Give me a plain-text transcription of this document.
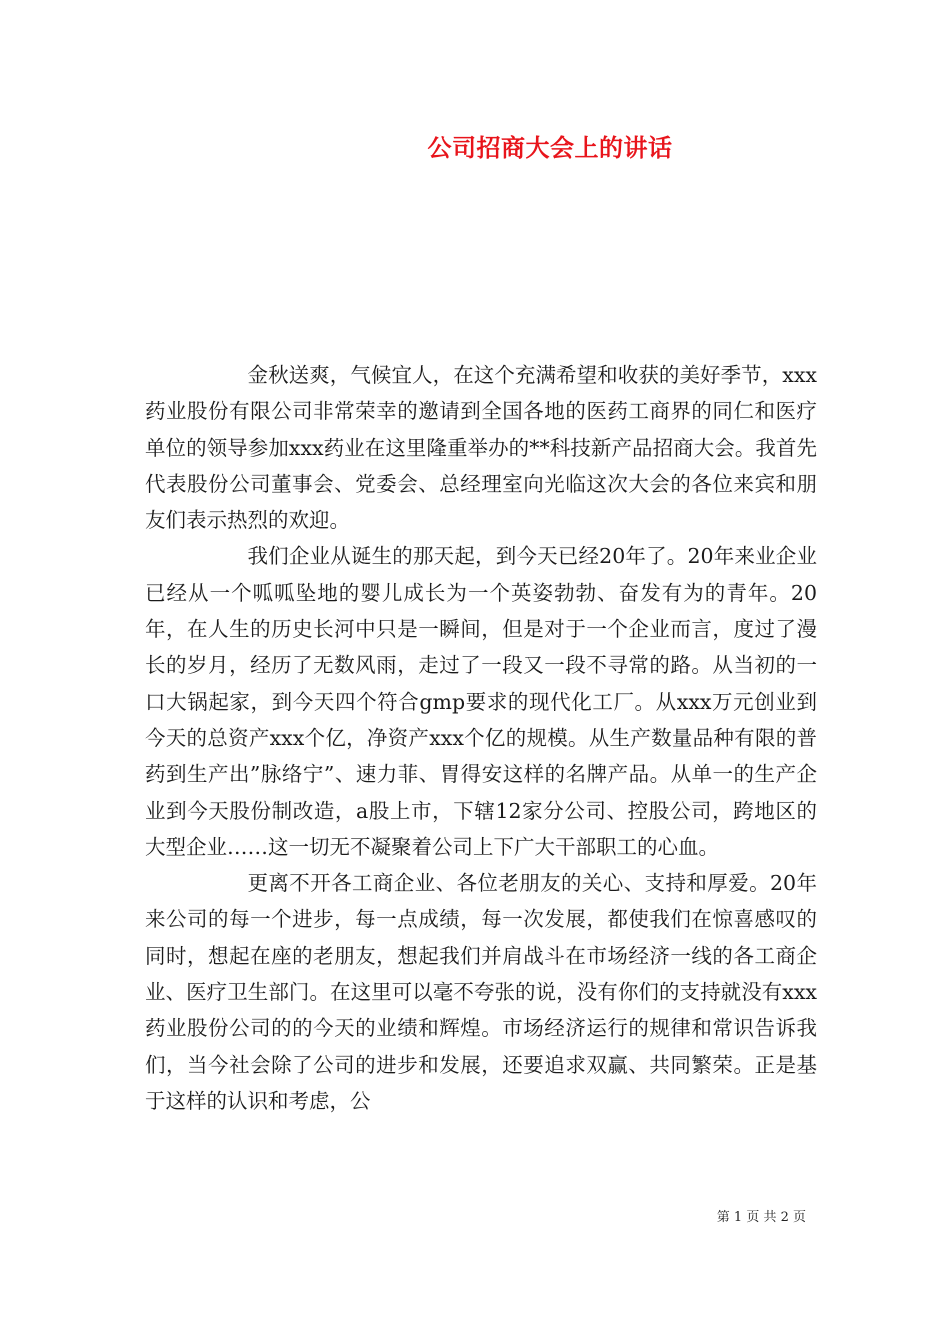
公司招商大会上的讲话

金秋送爽，气候宜人，在这个充满希望和收获的美好季节，xxx药业股份有限公司非常荣幸的邀请到全国各地的医药工商界的同仁和医疗单位的领导参加xxx药业在这里隆重举办的**科技新产品招商大会。我首先代表股份公司董事会、党委会、总经理室向光临这次大会的各位来宾和朋友们表示热烈的欢迎。

我们企业从诞生的那天起，到今天已经20年了。20年来业企业已经从一个呱呱坠地的婴儿成长为一个英姿勃勃、奋发有为的青年。20年，在人生的历史长河中只是一瞬间，但是对于一个企业而言，度过了漫长的岁月，经历了无数风雨，走过了一段又一段不寻常的路。从当初的一口大锅起家，到今天四个符合gmp要求的现代化工厂。从xxx万元创业到今天的总资产xxx个亿，净资产xxx个亿的规模。从生产数量品种有限的普药到生产出”脉络宁”、速力菲、胃得安这样的名牌产品。从单一的生产企业到今天股份制改造，a股上市，下辖12家分公司、控股公司，跨地区的大型企业……这一切无不凝聚着公司上下广大干部职工的心血。

更离不开各工商企业、各位老朋友的关心、支持和厚爱。20年来公司的每一个进步，每一点成绩，每一次发展，都使我们在惊喜感叹的同时，想起在座的老朋友，想起我们并肩战斗在市场经济一线的各工商企业、医疗卫生部门。在这里可以毫不夸张的说，没有你们的支持就没有xxx药业股份公司的的今天的业绩和辉煌。市场经济运行的规律和常识告诉我们，当今社会除了公司的进步和发展，还要追求双赢、共同繁荣。正是基于这样的认识和考虑，公

第 1 页 共 2 页
